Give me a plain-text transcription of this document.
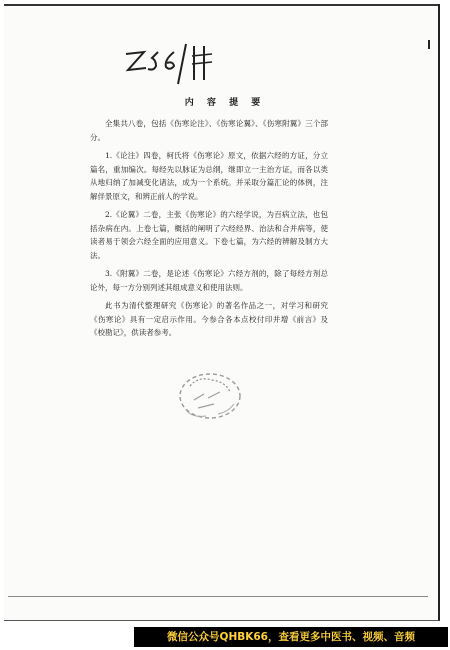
内 容 提 要

全集共八卷，包括《伤寒论注》、《伤寒论翼》、《伤寒附翼》三个部分。

1.《论注》四卷，柯氏将《伤寒论》原文，依据六经的方证，分立篇名，重加编次。每经先以脉证为总纲，继即立一主治方证，而各以类从地归纳了加减变化诸法，成为一个系统。并采取分篇汇论的体例，注解伴景原文，和辨正前人的学说。

2.《论翼》二卷，主张《伤寒论》的六经学说，为百病立法，也包括杂病在内。上卷七篇，概括的阐明了六经经界、治法和合并病等，使读者易于领会六经全面的应用意义。下卷七篇，为六经的辨解及制方大法。

3.《附翼》二卷，是论述《伤寒论》六经方剂的，除了每经方剂总论外，每一方分别列述其组成意义和使用法则。

此书为清代整理研究《伤寒论》的著名作品之一，对学习和研究《伤寒论》具有一定启示作用。今参合各本点校付印并增《前言》及《校勘记》，供读者参考。

微信公众号QHBK66，查看更多中医书、视频、音频
